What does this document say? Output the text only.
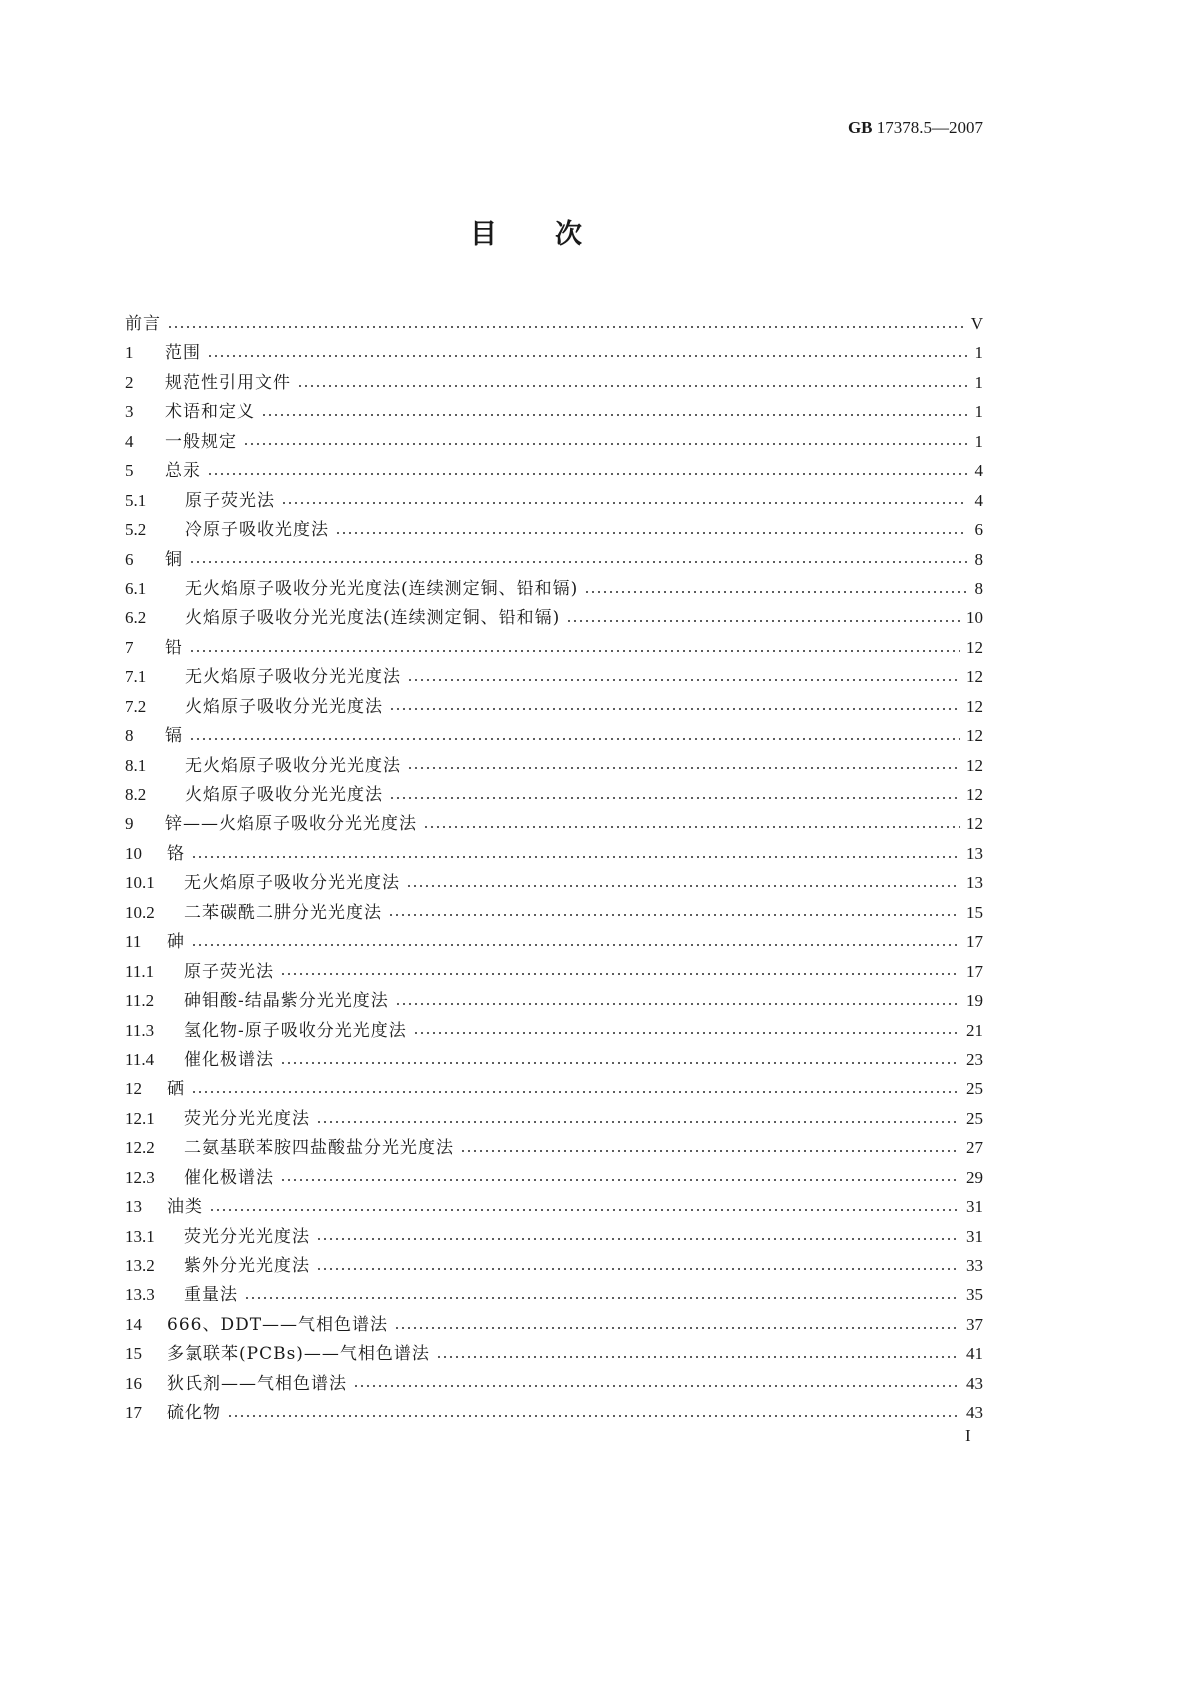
GB 17378.5—2007
目次
前言	V
1	范围	1
2	规范性引用文件	1
3	术语和定义	1
4	一般规定	1
5	总汞	4
5.1	原子荧光法	4
5.2	冷原子吸收光度法	6
6	铜	8
6.1	无火焰原子吸收分光光度法(连续测定铜、铅和镉)	8
6.2	火焰原子吸收分光光度法(连续测定铜、铅和镉)	10
7	铅	12
7.1	无火焰原子吸收分光光度法	12
7.2	火焰原子吸收分光光度法	12
8	镉	12
8.1	无火焰原子吸收分光光度法	12
8.2	火焰原子吸收分光光度法	12
9	锌——火焰原子吸收分光光度法	12
10	铬	13
10.1	无火焰原子吸收分光光度法	13
10.2	二苯碳酰二肼分光光度法	15
11	砷	17
11.1	原子荧光法	17
11.2	砷钼酸-结晶紫分光光度法	19
11.3	氢化物-原子吸收分光光度法	21
11.4	催化极谱法	23
12	硒	25
12.1	荧光分光光度法	25
12.2	二氨基联苯胺四盐酸盐分光光度法	27
12.3	催化极谱法	29
13	油类	31
13.1	荧光分光光度法	31
13.2	紫外分光光度法	33
13.3	重量法	35
14	666、DDT——气相色谱法	37
15	多氯联苯(PCBs)——气相色谱法	41
16	狄氏剂——气相色谱法	43
17	硫化物	43
I
